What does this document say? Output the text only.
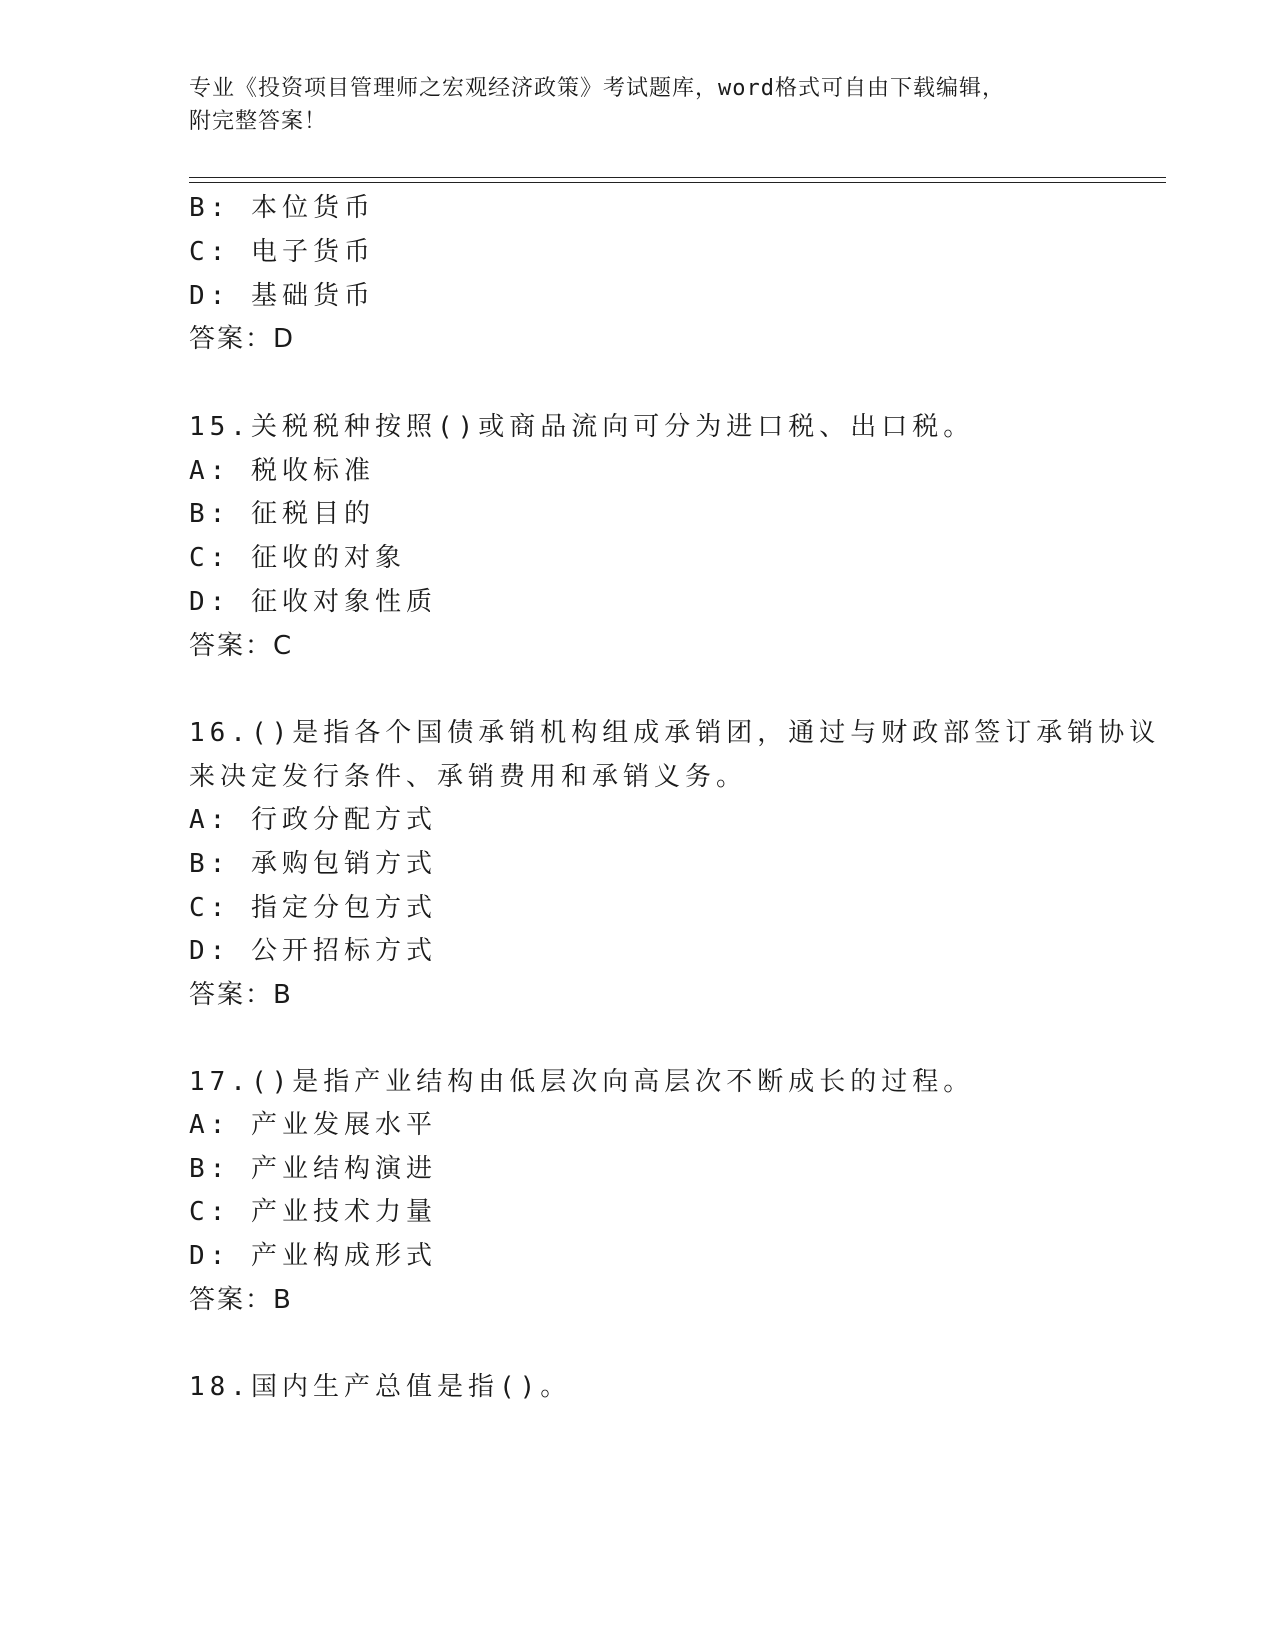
专业《投资项目管理师之宏观经济政策》考试题库，word格式可自由下载编辑，
附完整答案！
B: 本位货币
C: 电子货币
D: 基础货币
答案：D
15.关税税种按照()或商品流向可分为进口税、出口税。
A: 税收标准
B: 征税目的
C: 征收的对象
D: 征收对象性质
答案：C
16.()是指各个国债承销机构组成承销团，通过与财政部签订承销协议
来决定发行条件、承销费用和承销义务。
A: 行政分配方式
B: 承购包销方式
C: 指定分包方式
D: 公开招标方式
答案：B
17.()是指产业结构由低层次向高层次不断成长的过程。
A: 产业发展水平
B: 产业结构演进
C: 产业技术力量
D: 产业构成形式
答案：B
18.国内生产总值是指()。
